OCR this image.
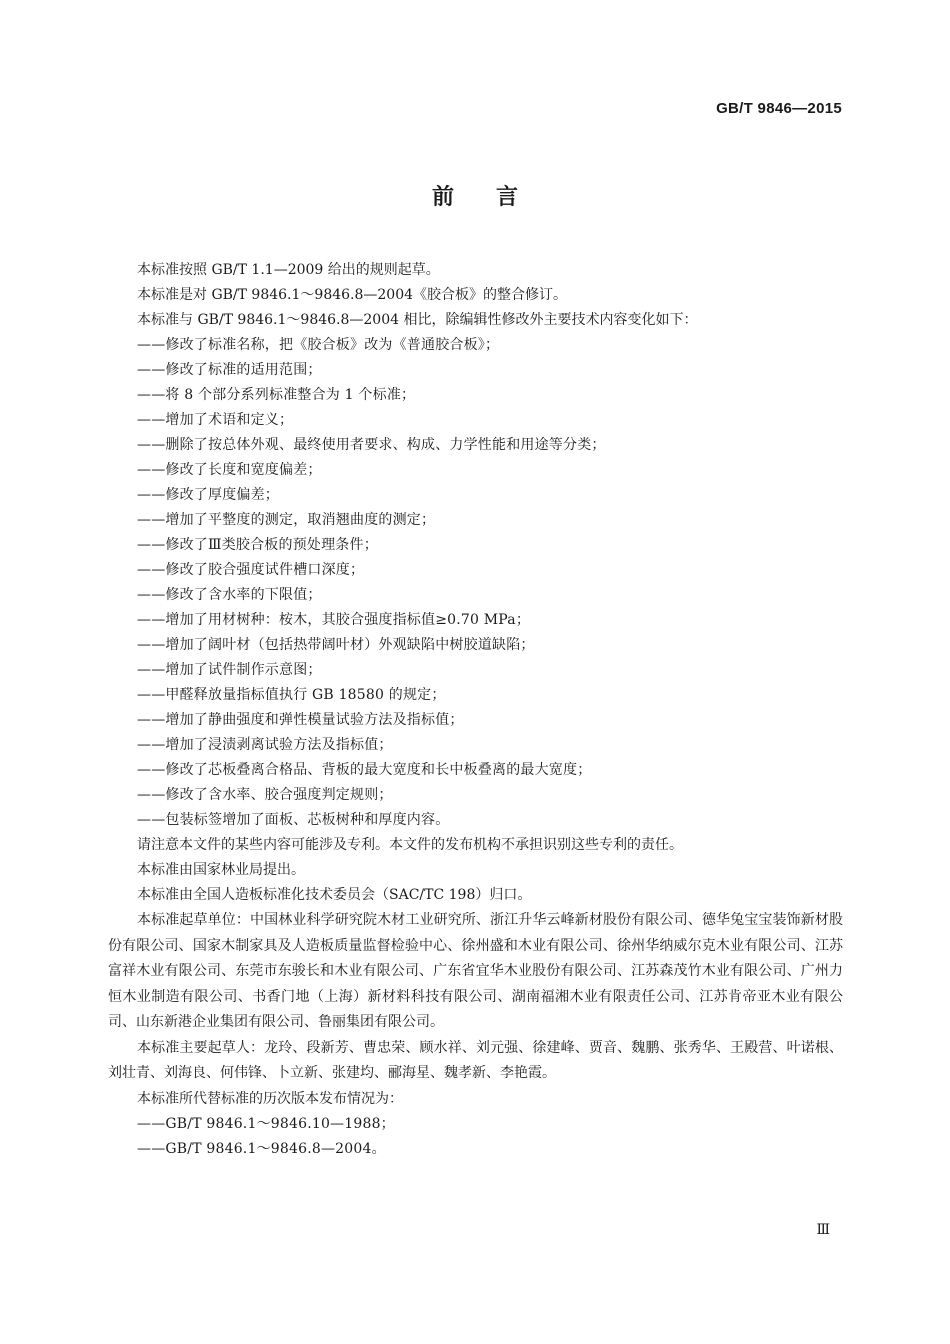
GB/T 9846—2015
前言

本标准按照 GB/T 1.1—2009 给出的规则起草。

本标准是对 GB/T 9846.1～9846.8—2004《胶合板》的整合修订。

本标准与 GB/T 9846.1～9846.8—2004 相比，除编辑性修改外主要技术内容变化如下：

——修改了标准名称，把《胶合板》改为《普通胶合板》；

——修改了标准的适用范围；

——将 8 个部分系列标准整合为 1 个标准；

——增加了术语和定义；

——删除了按总体外观、最终使用者要求、构成、力学性能和用途等分类；

——修改了长度和宽度偏差；

——修改了厚度偏差；

——增加了平整度的测定，取消翘曲度的测定；

——修改了Ⅲ类胶合板的预处理条件；

——修改了胶合强度试件槽口深度；

——修改了含水率的下限值；

——增加了用材树种：桉木，其胶合强度指标值≥0.70 MPa；

——增加了阔叶材（包括热带阔叶材）外观缺陷中树胶道缺陷；

——增加了试件制作示意图；

——甲醛释放量指标值执行 GB 18580 的规定；

——增加了静曲强度和弹性模量试验方法及指标值；

——增加了浸渍剥离试验方法及指标值；

——修改了芯板叠离合格品、背板的最大宽度和长中板叠离的最大宽度；

——修改了含水率、胶合强度判定规则；

——包装标签增加了面板、芯板树种和厚度内容。

请注意本文件的某些内容可能涉及专利。本文件的发布机构不承担识别这些专利的责任。

本标准由国家林业局提出。

本标准由全国人造板标准化技术委员会（SAC/TC 198）归口。

本标准起草单位：中国林业科学研究院木材工业研究所、浙江升华云峰新材股份有限公司、德华兔宝宝装饰新材股份有限公司、国家木制家具及人造板质量监督检验中心、徐州盛和木业有限公司、徐州华纳威尔克木业有限公司、江苏富祥木业有限公司、东莞市东骏长和木业有限公司、广东省宜华木业股份有限公司、江苏森茂竹木业有限公司、广州力恒木业制造有限公司、书香门地（上海）新材料科技有限公司、湖南福湘木业有限责任公司、江苏肯帝亚木业有限公司、山东新港企业集团有限公司、鲁丽集团有限公司。

本标准主要起草人：龙玲、段新芳、曹忠荣、顾水祥、刘元强、徐建峰、贾音、魏鹏、张秀华、王殿营、叶诺根、刘壮青、刘海良、何伟锋、卜立新、张建均、郦海星、魏孝新、李艳霞。

本标准所代替标准的历次版本发布情况为：

——GB/T 9846.1～9846.10—1988；

——GB/T 9846.1～9846.8—2004。

Ⅲ
